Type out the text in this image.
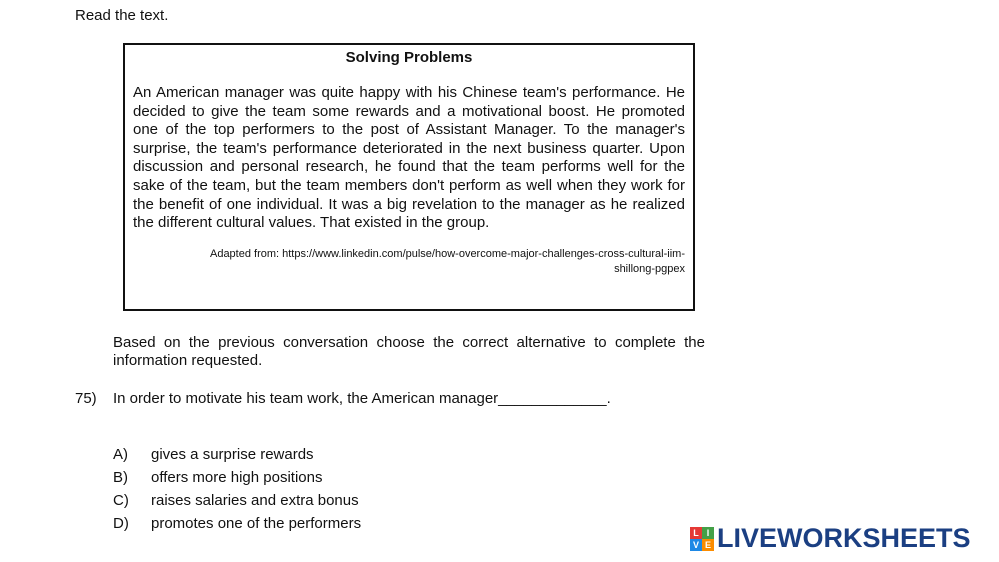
Read the text.
Solving Problems
An American manager was quite happy with his Chinese team's performance. He decided to give the team some rewards and a motivational boost. He promoted one of the top performers to the post of Assistant Manager. To the manager's surprise, the team's performance deteriorated in the next business quarter. Upon discussion and personal research, he found that the team performs well for the sake of the team, but the team members don't perform as well when they work for the benefit of one individual. It was a big revelation to the manager as he realized the different cultural values. That existed in the group.
Adapted from: https://www.linkedin.com/pulse/how-overcome-major-challenges-cross-cultural-iim-
shillong-pgpex
Based on the previous conversation choose the correct alternative to complete the information requested.
75) In order to motivate his team work, the American manager_____________.
A) gives a surprise rewards
B) offers more high positions
C) raises salaries and extra bonus
D) promotes one of the performers
L I
V E LIVEWORKSHEETS
